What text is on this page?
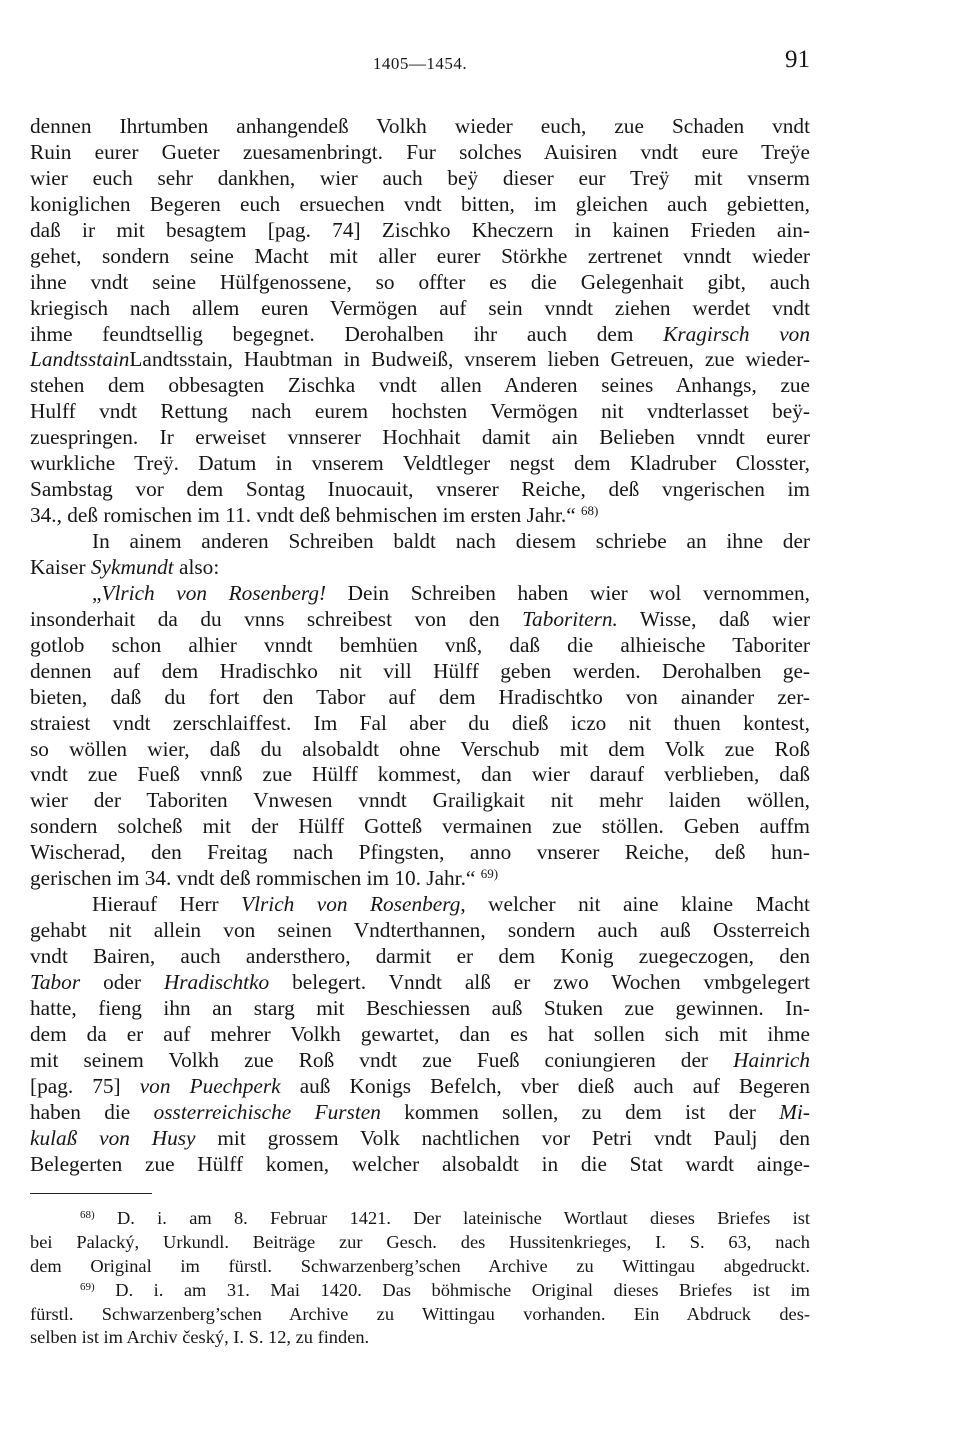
1405—1454.	91
dennen Ihrtumben anhangendeß Volkh wieder euch, zue Schaden vndt
Ruin eurer Gueter zuesamenbringt. Fur solches Auisiren vndt eure Treÿe
wier euch sehr dankhen, wier auch beÿ dieser eur Treÿ mit vnserm
koniglichen Begeren euch ersuechen vndt bitten, im gleichen auch gebietten,
daß ir mit besagtem [pag. 74] Zischko Kheczern in kainen Frieden ain-
gehet, sondern seine Macht mit aller eurer Störkhe zertrenet vnndt wieder
ihne vndt seine Hülfgenossene, so offter es die Gelegenhait gibt, auch
kriegisch nach allem euren Vermögen auf sein vnndt ziehen werdet vndt
ihme feundtsellig begegnet. Derohalben ihr auch dem Kragirsch von
LandtsstainLandtsstain, Haubtman in Budweiß, vnserem lieben Getreuen, zue wieder-
stehen dem obbesagten Zischka vndt allen Anderen seines Anhangs, zue
Hulff vndt Rettung nach eurem hochsten Vermögen nit vndterlasset beÿ-
zuespringen. Ir erweiset vnnserer Hochhait damit ain Belieben vnndt eurer
wurkliche Treÿ. Datum in vnserem Veldtleger negst dem Kladruber Closster,
Sambstag vor dem Sontag Inuocauit, vnserer Reiche, deß vngerischen im
34., deß romischen im 11. vndt deß behmischen im ersten Jahr.“ $^{68)}$
In ainem anderen Schreiben baldt nach diesem schriebe an ihne der
Kaiser Sykmundt also:
„Vlrich von Rosenberg! Dein Schreiben haben wier wol vernommen,
insonderhait da du vnns schreibest von den Taboritern. Wisse, daß wier
gotlob schon alhier vnndt bemhüen vnß, daß die alhieische Taboriter
dennen auf dem Hradischko nit vill Hülff geben werden. Derohalben ge-
bieten, daß du fort den Tabor auf dem Hradischtko von ainander zer-
straiest vndt zerschlaiffest. Im Fal aber du dieß iczo nit thuen kontest,
so wöllen wier, daß du alsobaldt ohne Verschub mit dem Volk zue Roß
vndt zue Fueß vnnß zue Hülff kommest, dan wier darauf verblieben, daß
wier der Taboriten Vnwesen vnndt Grailigkait nit mehr laiden wöllen,
sondern solcheß mit der Hülff Gotteß vermainen zue stöllen. Geben auffm
Wischerad, den Freitag nach Pfingsten, anno vnserer Reiche, deß hun-
gerischen im 34. vndt deß rommischen im 10. Jahr.“ $^{69)}$
Hierauf Herr Vlrich von Rosenberg, welcher nit aine klaine Macht
gehabt nit allein von seinen Vndterthannen, sondern auch auß Ossterreich
vndt Bairen, auch andersthero, darmit er dem Konig zuegeczogen, den
Tabor oder Hradischtko belegert. Vnndt alß er zwo Wochen vmbgelegert
hatte, fieng ihn an starg mit Beschiessen auß Stuken zue gewinnen. In-
dem da er auf mehrer Volkh gewartet, dan es hat sollen sich mit ihme
mit seinem Volkh zue Roß vndt zue Fueß coniungieren der Hainrich
[pag. 75] von Puechperk auß Konigs Befelch, vber dieß auch auf Begeren
haben die ossterreichische Fursten kommen sollen, zu dem ist der Mi-
kulaß von Husy mit grossem Volk nachtlichen vor Petri vndt Paulj den
Belegerten zue Hülff komen, welcher alsobaldt in die Stat wardt ainge-
$^{68)}$ D. i. am 8. Februar 1421. Der lateinische Wortlaut dieses Briefes ist
bei Palacký, Urkundl. Beiträge zur Gesch. des Hussitenkrieges, I. S. 63, nach
dem Original im fürstl. Schwarzenberg’schen Archive zu Wittingau abgedruckt.
$^{69)}$ D. i. am 31. Mai 1420. Das böhmische Original dieses Briefes ist im
fürstl. Schwarzenberg’schen Archive zu Wittingau vorhanden. Ein Abdruck des-
selben ist im Archiv český, I. S. 12, zu finden.
